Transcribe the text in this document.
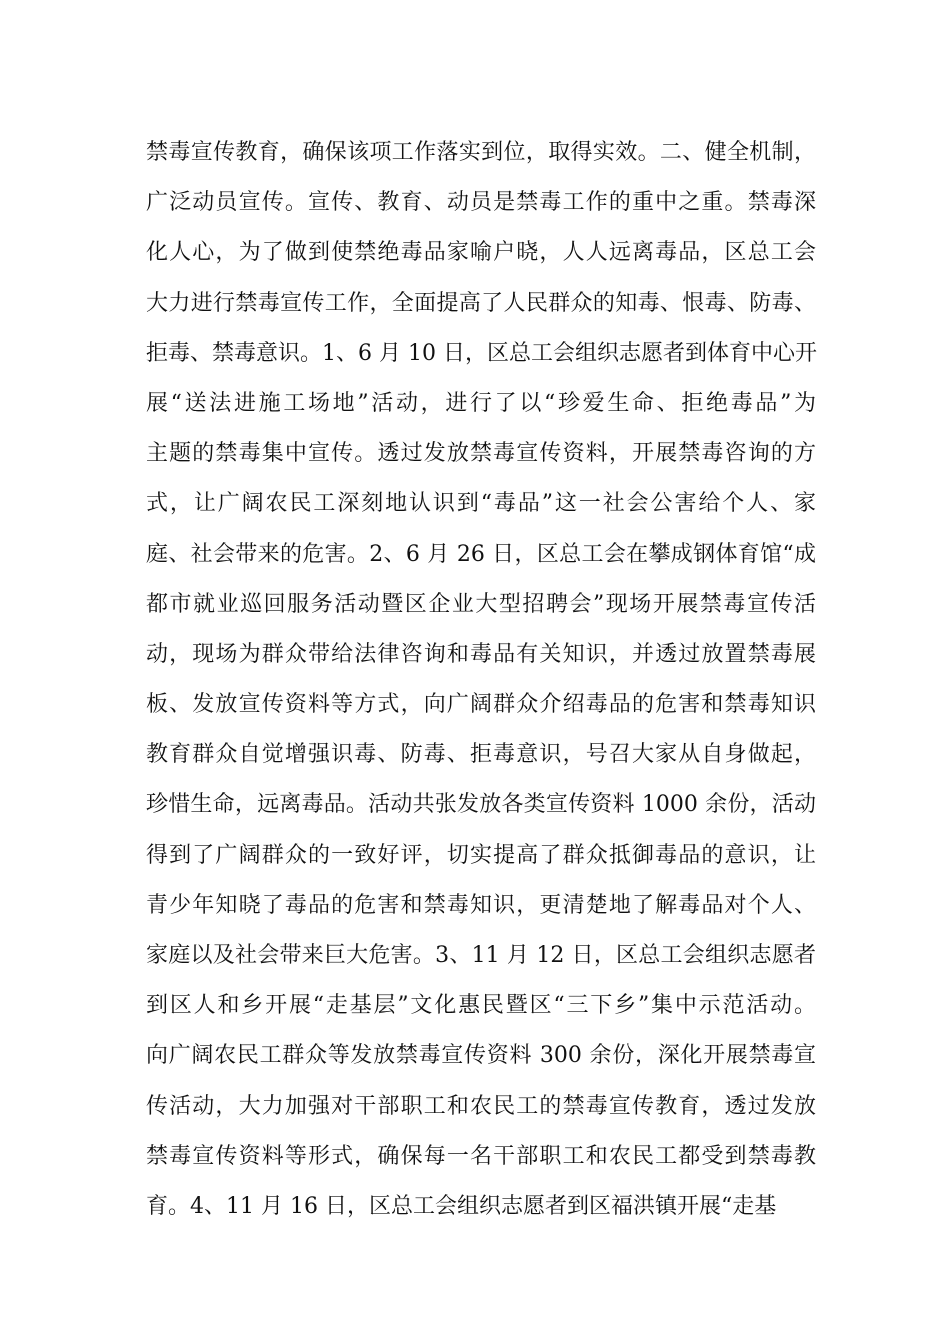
禁毒宣传教育，确保该项工作落实到位，取得实效。二、健全机制，
广泛动员宣传。宣传、教育、动员是禁毒工作的重中之重。禁毒深
化人心，为了做到使禁绝毒品家喻户晓，人人远离毒品，区总工会
大力进行禁毒宣传工作，全面提高了人民群众的知毒、恨毒、防毒、
拒毒、禁毒意识。1、6 月 10 日，区总工会组织志愿者到体育中心开
展“送法进施工场地”活动，进行了以“珍爱生命、拒绝毒品”为
主题的禁毒集中宣传。透过发放禁毒宣传资料，开展禁毒咨询的方
式，让广阔农民工深刻地认识到“毒品”这一社会公害给个人、家
庭、社会带来的危害。2、6 月 26 日，区总工会在攀成钢体育馆“成
都市就业巡回服务活动暨区企业大型招聘会”现场开展禁毒宣传活
动，现场为群众带给法律咨询和毒品有关知识，并透过放置禁毒展
板、发放宣传资料等方式，向广阔群众介绍毒品的危害和禁毒知识
教育群众自觉增强识毒、防毒、拒毒意识，号召大家从自身做起，
珍惜生命，远离毒品。活动共张发放各类宣传资料 1000 余份，活动
得到了广阔群众的一致好评，切实提高了群众抵御毒品的意识，让
青少年知晓了毒品的危害和禁毒知识，更清楚地了解毒品对个人、
家庭以及社会带来巨大危害。3、11 月 12 日，区总工会组织志愿者
到区人和乡开展“走基层”文化惠民暨区“三下乡”集中示范活动。
向广阔农民工群众等发放禁毒宣传资料 300 余份，深化开展禁毒宣
传活动，大力加强对干部职工和农民工的禁毒宣传教育，透过发放
禁毒宣传资料等形式，确保每一名干部职工和农民工都受到禁毒教
育。4、11 月 16 日，区总工会组织志愿者到区福洪镇开展“走基
